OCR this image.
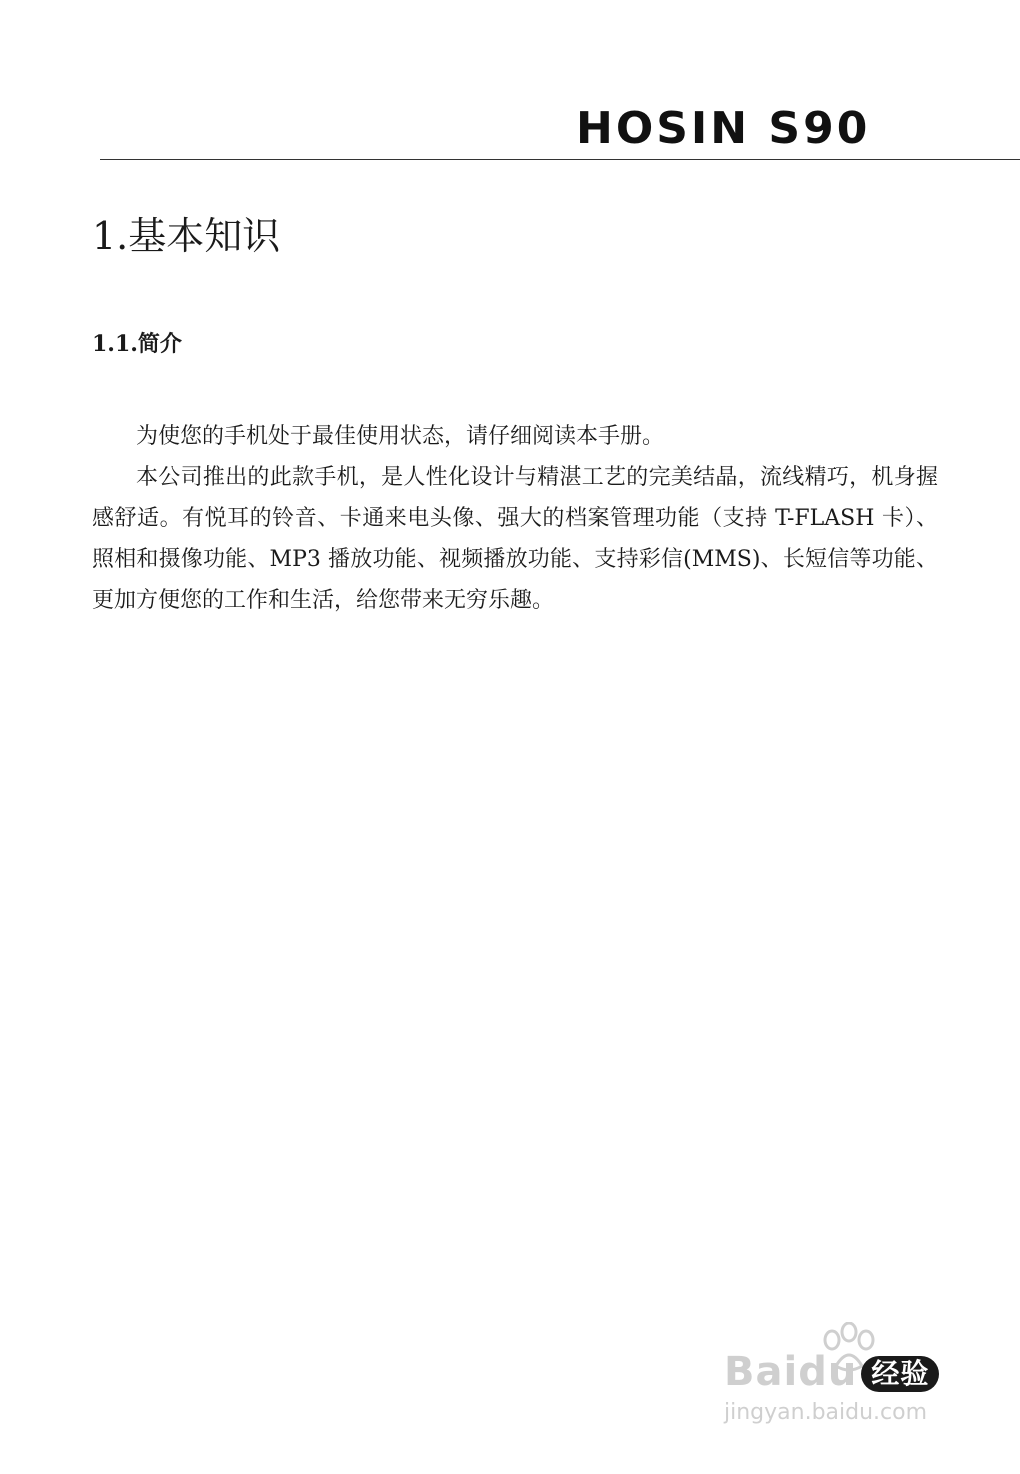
HOSIN S90
1.基本知识
1.1.简介

为使您的手机处于最佳使用状态，请仔细阅读本手册。

本公司推出的此款手机，是人性化设计与精湛工艺的完美结晶，流线精巧，机身握感舒适。有悦耳的铃音、卡通来电头像、强大的档案管理功能（支持 T-FLASH 卡）、照相和摄像功能、MP3 播放功能、视频播放功能、支持彩信(MMS)、长短信等功能、更加方便您的工作和生活，给您带来无穷乐趣。

Baidu 经验
jingyan.baidu.com
